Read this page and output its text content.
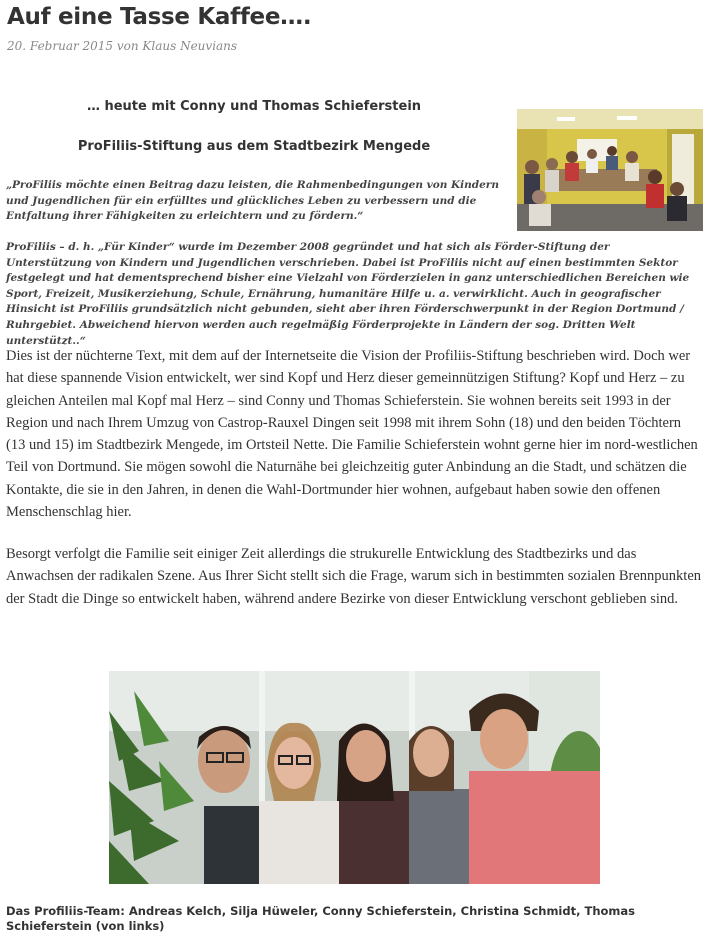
Auf eine Tasse Kaffee….
20. Februar 2015 von Klaus Neuvians
… heute mit Conny und Thomas Schieferstein
ProFiliis-Stiftung aus dem Stadtbezirk Mengede
„ProFiliis möchte einen Beitrag dazu leisten, die Rahmenbedingungen von Kindern und Jugendlichen für ein erfülltes und glückliches Leben zu verbessern und die Entfaltung ihrer Fähigkeiten zu erleichtern und zu fördern.“
ProFiliis – d. h. „Für Kinder“ wurde im Dezember 2008 gegründet und hat sich als Förder-Stiftung der Unterstützung von Kindern und Jugendlichen verschrieben. Dabei ist ProFiliis nicht auf einen bestimmten Sektor festgelegt und hat dementsprechend bisher eine Vielzahl von Förderzielen in ganz unterschiedlichen Bereichen wie Sport, Freizeit, Musikerziehung, Schule, Ernährung, humanitäre Hilfe u. a. verwirklicht. Auch in geografischer Hinsicht ist ProFiliis grundsätzlich nicht gebunden, sieht aber ihren Förderschwerpunkt in der Region Dortmund / Ruhrgebiet. Abweichend hiervon werden auch regelmäßig Förderprojekte in Ländern der sog. Dritten Welt unterstützt..“
Dies ist der nüchterne Text, mit dem auf der Internetseite die Vision der Profiliis-Stiftung beschrieben wird. Doch wer hat diese spannende Vision entwickelt, wer sind Kopf und Herz dieser gemeinnützigen Stiftung? Kopf und Herz – zu gleichen Anteilen mal Kopf mal Herz – sind Conny und Thomas Schieferstein. Sie wohnen bereits seit 1993 in der Region und nach Ihrem Umzug von Castrop-Rauxel Dingen seit 1998 mit ihrem Sohn (18) und den beiden Töchtern (13 und 15) im Stadtbezirk Mengede, im Ortsteil Nette. Die Familie Schieferstein wohnt gerne hier im nord-westlichen Teil von Dortmund. Sie mögen sowohl die Naturnähe bei gleichzeitig guter Anbindung an die Stadt, und schätzen die Kontakte, die sie in den Jahren, in denen die Wahl-Dortmunder hier wohnen, aufgebaut haben sowie den offenen Menschenschlag hier.
Besorgt verfolgt die Familie seit einiger Zeit allerdings die strukurelle Entwicklung des Stadtbezirks und das Anwachsen der radikalen Szene. Aus Ihrer Sicht stellt sich die Frage, warum sich in bestimmten sozialen Brennpunkten der Stadt die Dinge so entwickelt haben, während andere Bezirke von dieser Entwicklung verschont geblieben sind.
Das Profiliis-Team: Andreas Kelch, Silja Hüweler, Conny Schieferstein, Christina Schmidt, Thomas Schieferstein (von links)
